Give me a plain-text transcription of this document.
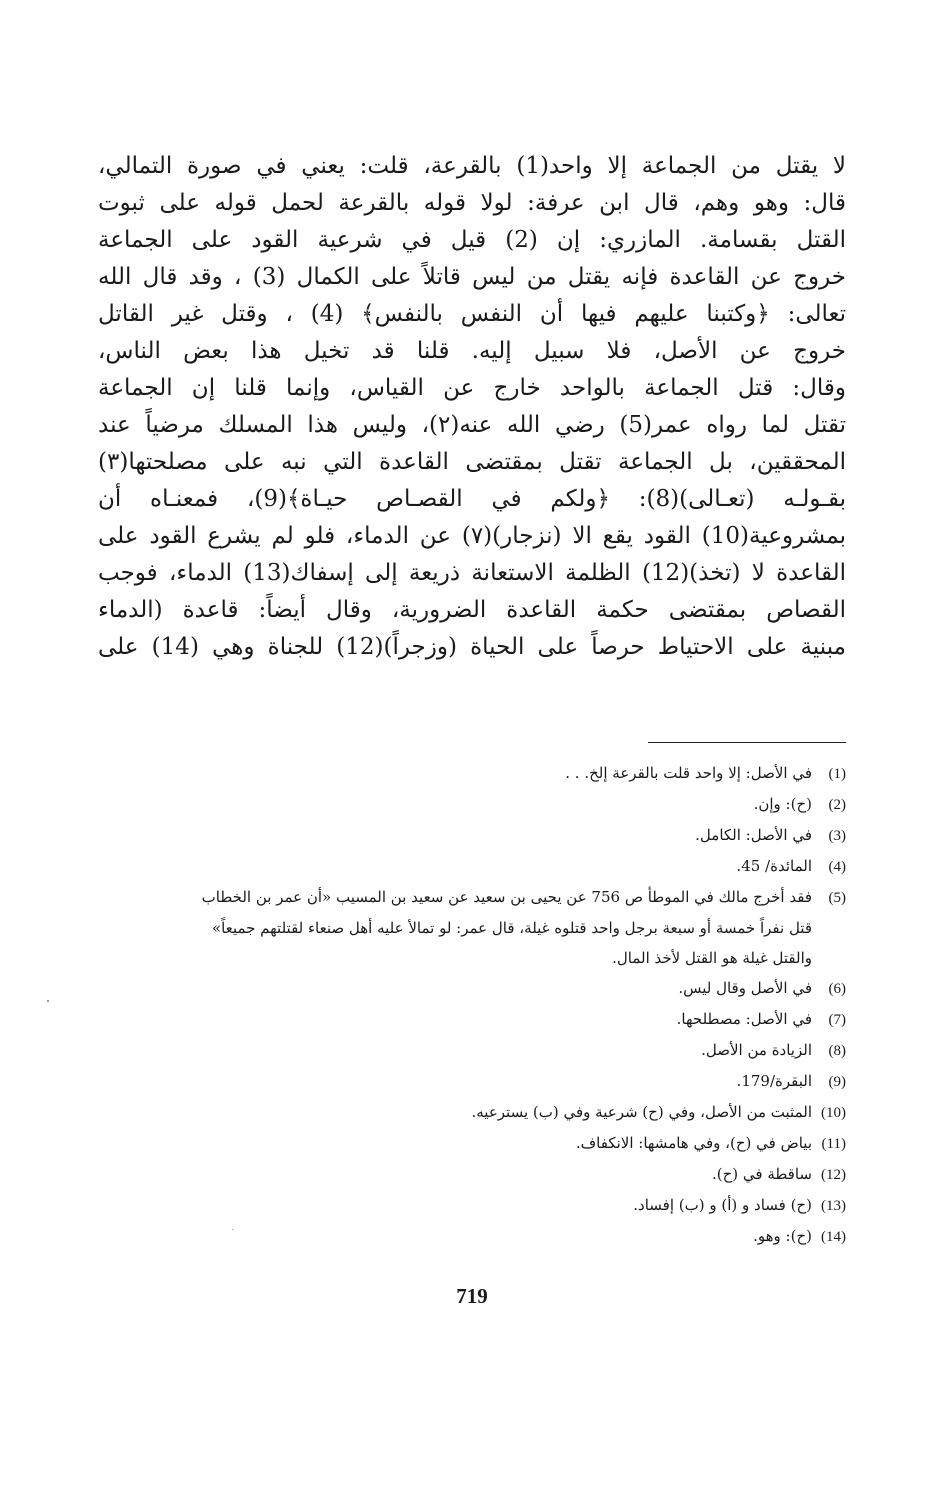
لا يقتل من الجماعة إلا واحد(1) بالقرعة، قلت: يعني في صورة التمالي،
قال: وهو وهم، قال ابن عرفة: لولا قوله بالقرعة لحمل قوله على ثبوت
القتل بقسامة. المازري: إن (2) قيل في شرعية القود على الجماعة
خروج عن القاعدة فإنه يقتل من ليس قاتلاً على الكمال (3) ، وقد قال الله
تعالى: ﴿وكتبنا عليهم فيها أن النفس بالنفس﴾ (4) ، وقتل غير القاتل
خروج عن الأصل، فلا سبيل إليه. قلنا قد تخيل هذا بعض الناس،
وقال: قتل الجماعة بالواحد خارج عن القياس، وإنما قلنا إن الجماعة
تقتل لما رواه عمر(5) رضي الله عنه(٢)، وليس هذا المسلك مرضياً عند
المحققين، بل الجماعة تقتل بمقتضى القاعدة التي نبه على مصلحتها(٣)
بقـولـه (تعـالى)(8): ﴿ولكم في القصـاص حيـاة﴾(9)، فمعنـاه أن
بمشروعية(10) القود يقع الا (نزجار)(٧) عن الدماء، فلو لم يشرع القود على
القاعدة لا (تخذ)(12) الظلمة الاستعانة ذريعة إلى إسفاك(13) الدماء، فوجب
القصاص بمقتضى حكمة القاعدة الضرورية، وقال أيضاً: قاعدة (الدماء
مبنية على الاحتياط حرصاً على الحياة (وزجراً)(12) للجناة وهي (14) على
(1)في الأصل: إلا واحد قلت بالقرعة إلخ. . .
(2)(ح): وإن.
(3)في الأصل: الكامل.
(4)المائدة/ 45.
(5)فقد أخرج مالك في الموطأ ص 756 عن يحيى بن سعيد عن سعيد بن المسيب «أن عمر بن الخطاب
قتل نفراً خمسة أو سبعة برجل واحد قتلوه غيلة، قال عمر: لو تمالأ عليه أهل صنعاء لقتلتهم جميعاً»
والقتل غيلة هو القتل لأخذ المال.
(6)في الأصل وقال ليس.
(7)في الأصل: مصطلحها.
(8)الزيادة من الأصل.
(9)البقرة/179.
(10)المثبت من الأصل، وفي (ح) شرعية وفي (ب) يسترعيه.
(11)بياض في (ح)، وفي هامشها: الانكفاف.
(12)ساقطة في (ح).
(13)(ح) فساد و (أ) و (ب) إفساد.
(14)(ح): وهو.
719
